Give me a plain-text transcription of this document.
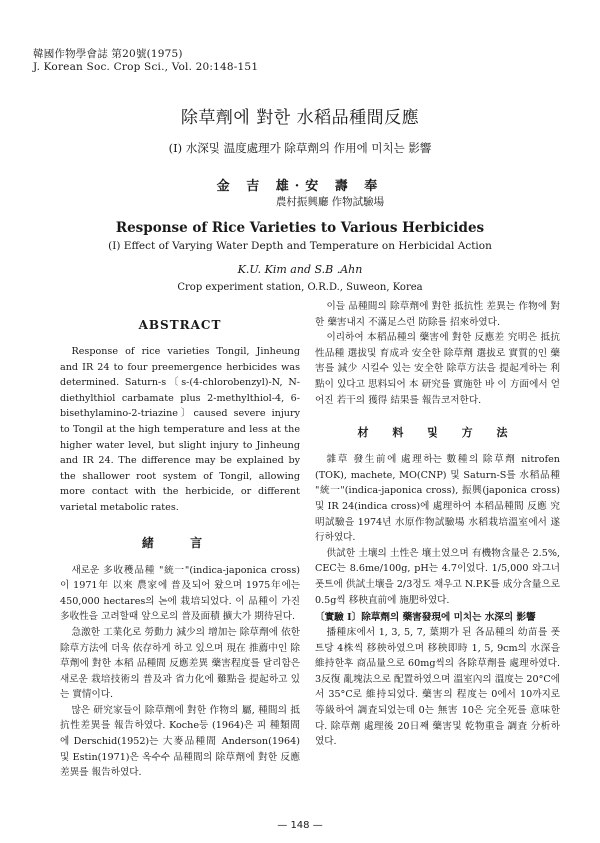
韓國作物學會誌 第20號(1975)
J. Korean Soc. Crop Sci., Vol. 20:148-151
除草劑에 對한 水稻品種間反應
(Ⅰ) 水深및 温度處理가 除草劑의 作用에 미치는 影響
金 吉 雄·安 壽 奉
農村振興廳 作物試驗場
Response of Rice Varieties to Various Herbicides
(I) Effect of Varying Water Depth and Temperature on Herbicidal Action
K.U. Kim and S.B .Ahn
Crop experiment station, O.R.D., Suweon, Korea
ABSTRACT

Response of rice varieties Tongil, Jinheung and IR 24 to four preemergence herbicides was determined. Saturn-s〔s-(4-chlorobenzyl)-N, N-diethylthiol carbamate plus 2-methylthiol-4, 6-bisethylamino-2-triazine〕caused severe injury to Tongil at the high temperature and less at the higher water level, but slight injury to Jinheung and IR 24. The difference may be explained by the shallower root system of Tongil, allowing more contact with the herbicide, or different varietal metabolic rates.

緒 言

새로운 多收穫品種 "統一"(indica-japonica cross)이 1971年 以來 農家에 普及되어 왔으며 1975年에는 450,000 hectares의 논에 栽培되었다. 이 品種이 가진 多收性을 고려할때 앞으로의 普及面積 擴大가 期待된다.

急激한 工業化로 勞動力 減少의 增加는 除草劑에 依한 除草方法에 더욱 依存하게 하고 있으며 現在 推薦中인 除草劑에 對한 本稻 品種間 反應差異 藥害程度를 달리함은 새로운 栽培技術의 普及과 省力化에 難點을 提起하고 있는 實情이다.

많은 研究家들이 除草劑에 對한 作物의 屬, 種間의 抵抗性差異를 報告하였다. Koche등 (1964)은 피 種類間에 Derschid(1952)는 大麥品種間 Anderson(1964) 및 Estin(1971)은 옥수수 品種間의 除草劑에 對한 反應差異를 報告하였다.

이들 品種間의 除草劑에 對한 抵抗性 差異는 作物에 對한 藥害내지 不滿足스런 防除를 招來하였다.

이리하여 本稻品種의 藥害에 對한 反應差 究明은 抵抗性品種 選拔및 育成과 安全한 除草劑 選拔로 實質的인 藥害를 減少 시킬수 있는 安全한 除草方法을 提起게하는 利點이 있다고 思料되어 本 研究를 實施한 바 이 方面에서 얻어진 若干의 獲得 結果를 報告코저한다.

材 料 및 方 法

雜草 發生前에 處理하는 數種의 除草劑 nitrofen (TOK), machete, MO(CNP) 및 Saturn-S를 水稻品種 "統一"(indica-japonica cross), 振興(japonica cross) 및 IR 24(indica cross)에 處理하여 本稻品種間 反應 究明試驗을 1974년 水原作物試驗場 水稻栽培溫室에서 遂行하였다.

供試한 土壤의 土性은 壤土였으며 有機物含量은 2.5%, CEC는 8.6me/100g, pH는 4.7이었다. 1/5,000 와그너 폿트에 供試土壤을 2/3정도 채우고 N.P.K를 成分含量으로 0.5g씩 移秧直前에 施肥하였다.

〔實驗 Ⅰ〕除草劑의 藥害發現에 미치는 水深의 影響

播種床에서 1, 3, 5, 7, 葉期가 된 各品種의 幼苗를 폿트당 4株씩 移秧하였으며 移秧即時 1, 5, 9cm의 水深을 維持한후 商品量으로 60mg씩의 各除草劑를 處理하였다. 3反復 亂塊法으로 配置하였으며 溫室內의 溫度는 20°C에서 35°C로 維持되었다. 藥害의 程度는 0에서 10까지로 等級하여 調査되었는데 0는 無害 10은 完全死를 意味한다. 除草劑 處理後 20日째 藥害및 乾物重을 調査 分析하였다.

— 148 —
